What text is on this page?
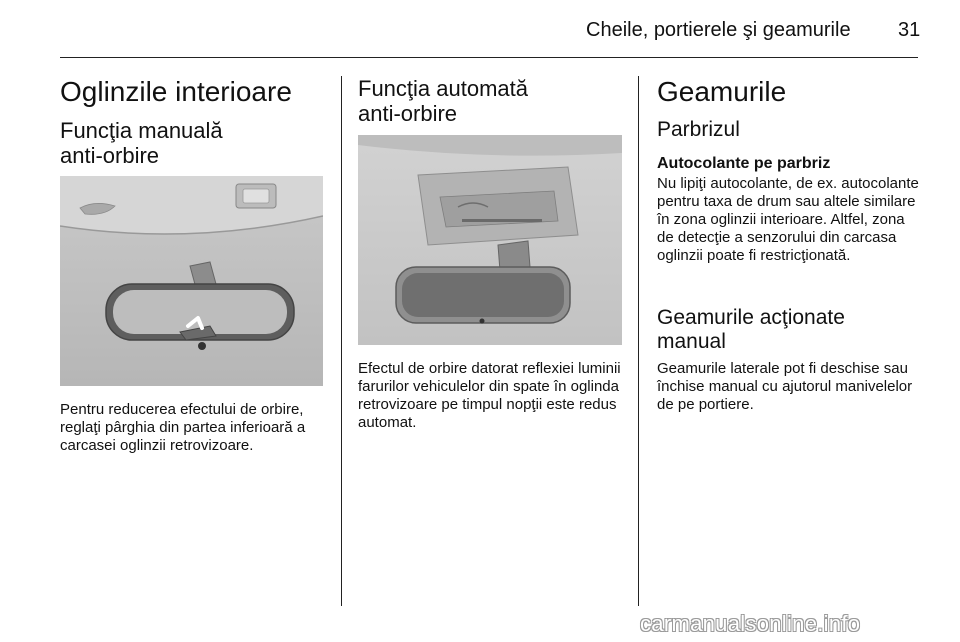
Cheile, portierele şi geamurile 31
Oglinzile interioare
Funcţia manuală
anti-orbire
Pentru reducerea efectului de orbire, reglaţi pârghia din partea inferioară a carcasei oglinzii retrovizoare.
Funcţia automată
anti-orbire
Efectul de orbire datorat reflexiei luminii farurilor vehiculelor din spate în oglinda retrovizoare pe timpul nopţii este redus automat.
Geamurile
Parbrizul
Autocolante pe parbriz
Nu lipiţi autocolante, de ex. autocolante pentru taxa de drum sau altele similare în zona oglinzii interioare. Altfel, zona de detecţie a senzorului din carcasa oglinzii poate fi restricţionată.
Geamurile acţionate
manual
Geamurile laterale pot fi deschise sau închise manual cu ajutorul manivelelor de pe portiere.
carmanualsonline.info
